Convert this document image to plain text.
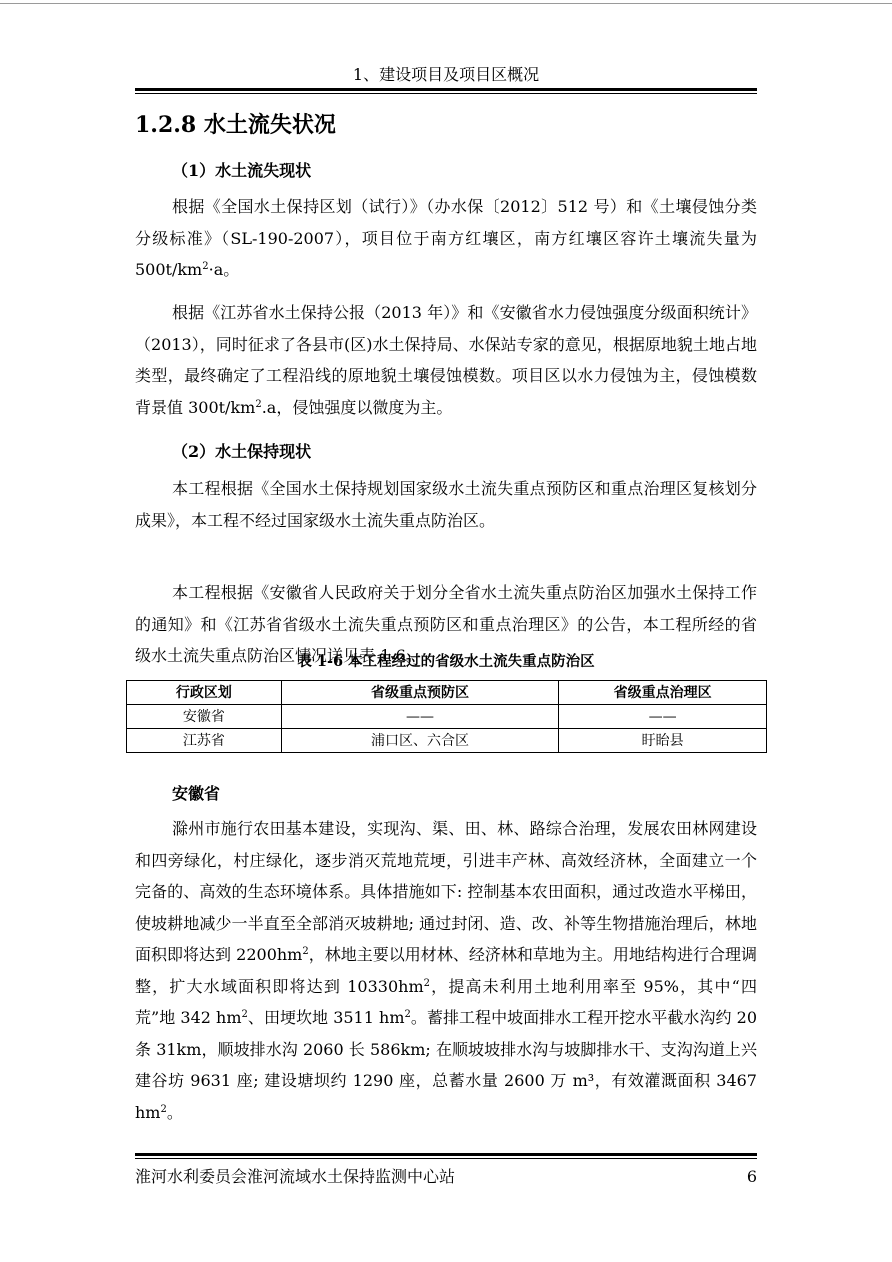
1、建设项目及项目区概况
1.2.8 水土流失状况
（1）水土流失现状

根据《全国水土保持区划（试行）》（办水保〔2012〕512 号）和《土壤侵蚀分类分级标准》（SL-190-2007），项目位于南方红壤区，南方红壤区容许土壤流失量为 $500t/km^2\cdot a$。

根据《江苏省水土保持公报（2013 年）》和《安徽省水力侵蚀强度分级面积统计》（2013），同时征求了各县市(区)水土保持局、水保站专家的意见，根据原地貌土地占地类型，最终确定了工程沿线的原地貌土壤侵蚀模数。项目区以水力侵蚀为主，侵蚀模数背景值 $300t/km^2.a$，侵蚀强度以微度为主。

（2）水土保持现状

本工程根据《全国水土保持规划国家级水土流失重点预防区和重点治理区复核划分成果》，本工程不经过国家级水土流失重点防治区。

本工程根据《安徽省人民政府关于划分全省水土流失重点防治区加强水土保持工作的通知》和《江苏省省级水土流失重点预防区和重点治理区》的公告，本工程所经的省级水土流失重点防治区情况详见表 1-6。

表 1-6 本工程经过的省级水土流失重点防治区
行政区划	省级重点预防区	省级重点治理区
安徽省	——	——
江苏省	浦口区、六合区	盱眙县
安徽省

滁州市施行农田基本建设，实现沟、渠、田、林、路综合治理，发展农田林网建设和四旁绿化，村庄绿化，逐步消灭荒地荒埂，引进丰产林、高效经济林，全面建立一个完备的、高效的生态环境体系。具体措施如下: 控制基本农田面积，通过改造水平梯田，使坡耕地减少一半直至全部消灭坡耕地; 通过封闭、造、改、补等生物措施治理后，林地面积即将达到 $2200hm^2$，林地主要以用材林、经济林和草地为主。用地结构进行合理调整，扩大水域面积即将达到 $10330hm^2$，提高未利用土地利用率至 95%，其中“四荒”地 342 $hm^2$、田埂坎地 3511 $hm^2$。蓄排工程中坡面排水工程开挖水平截水沟约 20 条 31km，顺坡排水沟 2060 长 586km; 在顺坡坡排水沟与坡脚排水干、支沟沟道上兴建谷坊 9631 座; 建设塘坝约 1290 座，总蓄水量 2600 万 m³，有效灌溉面积 3467 $hm^2$。

淮河水利委员会淮河流域水土保持监测中心站	6
